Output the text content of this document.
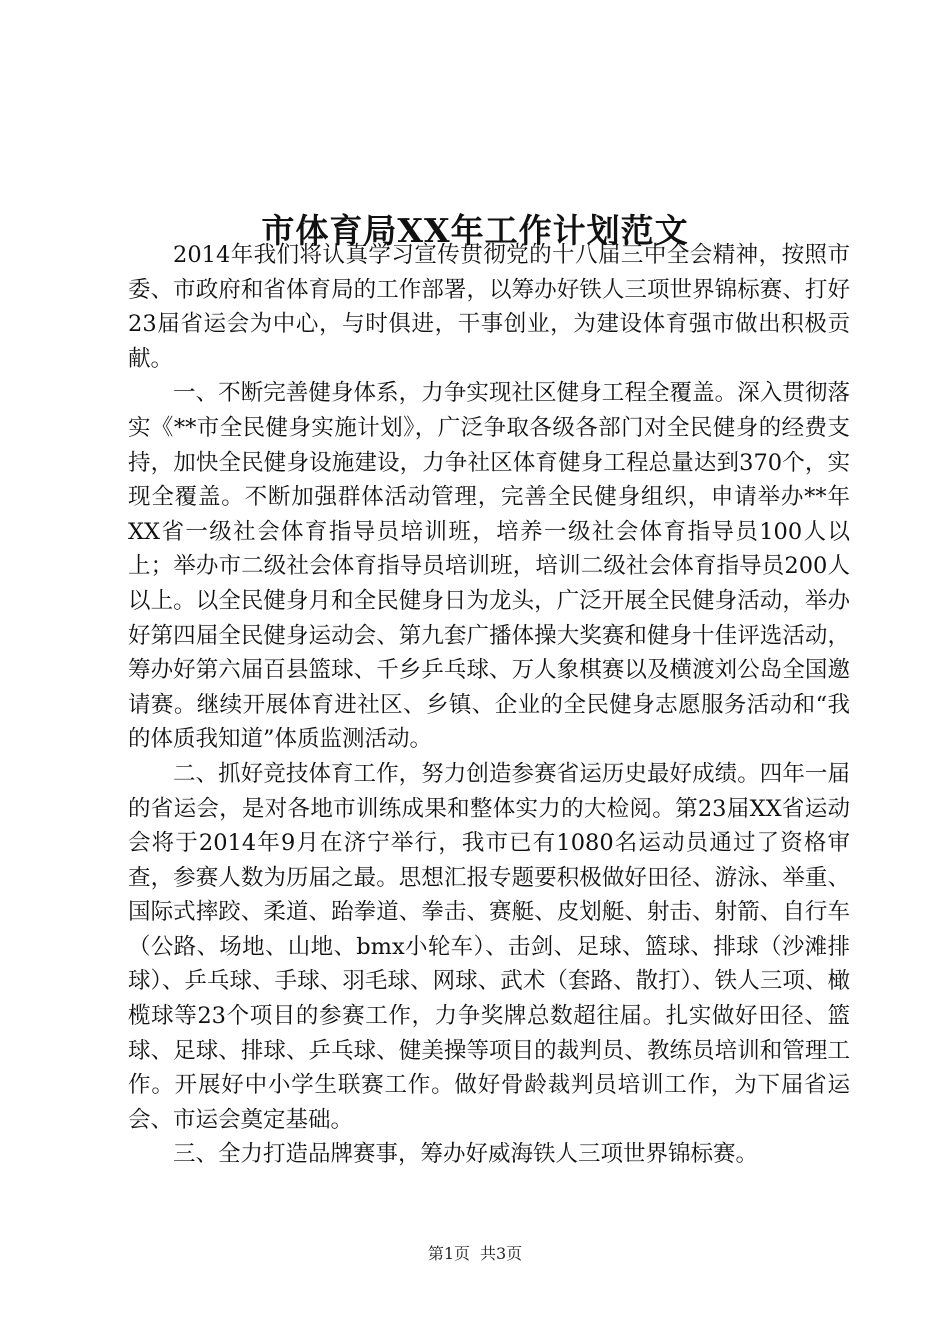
市体育局XX年工作计划范文

2014年我们将认真学习宣传贯彻党的十八届三中全会精神，按照市委、市政府和省体育局的工作部署，以筹办好铁人三项世界锦标赛、打好23届省运会为中心，与时俱进，干事创业，为建设体育强市做出积极贡献。

一、不断完善健身体系，力争实现社区健身工程全覆盖。深入贯彻落实《**市全民健身实施计划》，广泛争取各级各部门对全民健身的经费支持，加快全民健身设施建设，力争社区体育健身工程总量达到370个，实现全覆盖。不断加强群体活动管理，完善全民健身组织，申请举办**年XX省一级社会体育指导员培训班，培养一级社会体育指导员100人以上；举办市二级社会体育指导员培训班，培训二级社会体育指导员200人以上。以全民健身月和全民健身日为龙头，广泛开展全民健身活动，举办好第四届全民健身运动会、第九套广播体操大奖赛和健身十佳评选活动，筹办好第六届百县篮球、千乡乒乓球、万人象棋赛以及横渡刘公岛全国邀请赛。继续开展体育进社区、乡镇、企业的全民健身志愿服务活动和“我的体质我知道”体质监测活动。

二、抓好竞技体育工作，努力创造参赛省运历史最好成绩。四年一届的省运会，是对各地市训练成果和整体实力的大检阅。第23届XX省运动会将于2014年9月在济宁举行，我市已有1080名运动员通过了资格审查，参赛人数为历届之最。思想汇报专题要积极做好田径、游泳、举重、国际式摔跤、柔道、跆拳道、拳击、赛艇、皮划艇、射击、射箭、自行车（公路、场地、山地、bmx小轮车）、击剑、足球、篮球、排球（沙滩排球）、乒乓球、手球、羽毛球、网球、武术（套路、散打）、铁人三项、橄榄球等23个项目的参赛工作，力争奖牌总数超往届。扎实做好田径、篮球、足球、排球、乒乓球、健美操等项目的裁判员、教练员培训和管理工作。开展好中小学生联赛工作。做好骨龄裁判员培训工作，为下届省运会、市运会奠定基础。

三、全力打造品牌赛事，筹办好威海铁人三项世界锦标赛。

第1页 共3页
